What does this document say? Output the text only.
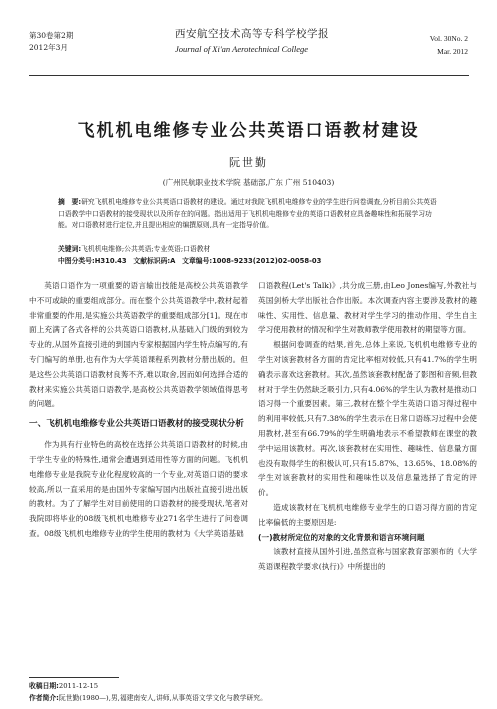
第30卷第2期
2012年3月
西安航空技术高等专科学校学报
Journal of Xi'an Aerotechnical College
Vol. 30No. 2
Mar. 2012
飞机机电维修专业公共英语口语教材建设
阮世勤
(广州民航职业技术学院 基础部,广东 广州 510403)
摘　要:研究飞机机电维修专业公共英语口语教材的建设。通过对我院飞机机电维修专业的学生进行问卷调查,分析目前公共英语口语教学中口语教材的接受现状以及所存在的问题。指出适用于飞机机电维修专业的英语口语教材应具备趣味性和拓展学习功能。对口语教材进行定位,并且提出相应的编撰原则,具有一定指导价值。
关键词:飞机机电维修;公共英语;专业英语;口语教材
中图分类号:H310.43　文献标识码:A　文章编号:1008-9233(2012)02-0058-03

英语口语作为一项重要的语言输出技能是高校公共英语教学中不可或缺的重要组成部分。而在整个公共英语教学中,教材起着非常重要的作用,是实施公共英语教学的重要组成部分[1]。现在市面上充满了各式各样的公共英语口语教材,从基础入门级的到较为专业的,从国外直接引进的到国内专家根据国内学生特点编写的,有专门编写的单册,也有作为大学英语课程系列教材分册出版的。但是这些公共英语口语教材良莠不齐,难以取舍,因而如何选择合适的教材来实施公共英语口语教学,是高校公共英语教学领域值得思考的问题。

一、飞机机电维修专业公共英语口语教材的接受现状分析

作为具有行业特色的高校在选择公共英语口语教材的时候,由于学生专业的特殊性,通常会遭遇到适用性等方面的问题。飞机机电维修专业是我院专业化程度较高的一个专业,对英语口语的要求较高,所以一直采用的是由国外专家编写国内出版社直接引进出版的教材。为了了解学生对目前使用的口语教材的接受现状,笔者对我院即将毕业的08级飞机机电维修专业271名学生进行了问卷调查。08级飞机机电维修专业的学生使用的教材为《大学英语基础

口语教程(Let's Talk)》,共分成三册,由Leo Jones编写,外教社与英国剑桥大学出版社合作出版。本次调查内容主要涉及教材的趣味性、实用性、信息量、教材对学生学习的推动作用、学生自主学习使用教材的情况和学生对教师教学使用教材的期望等方面。

根据问卷调查的结果,首先,总体上来说,飞机机电维修专业的学生对该套教材各方面的肯定比率相对较低,只有41.7%的学生明确表示喜欢这套教材。其次,虽然该套教材配备了影图和音频,但教材对于学生仍然缺乏吸引力,只有4.06%的学生认为教材是推动口语习得一个重要因素。第三,教材在整个学生英语口语习得过程中的利用率较低,只有7.38%的学生表示在日常口语练习过程中会使用教材,甚至有66.79%的学生明确地表示不希望教师在课堂的教学中运用该教材。再次,该套教材在实用性、趣味性、信息量方面也没有取得学生的积极认可,只有15.87%、13.65%、18.08%的学生对该套教材的实用性和趣味性以及信息量选择了肯定的评价。

造成该教材在飞机机电维修专业学生的口语习得方面的肯定比率偏低的主要原因是:

(一)教材所定位的对象的文化背景和语言环境问题

该教材直接从国外引进,虽然宣称与国家教育部颁布的《大学英语课程教学要求(执行)》中所提出的

收稿日期:2011-12-15
作者简介:阮世勤(1980—),男,福建南安人,讲师,从事英语文学文化与教学研究。
